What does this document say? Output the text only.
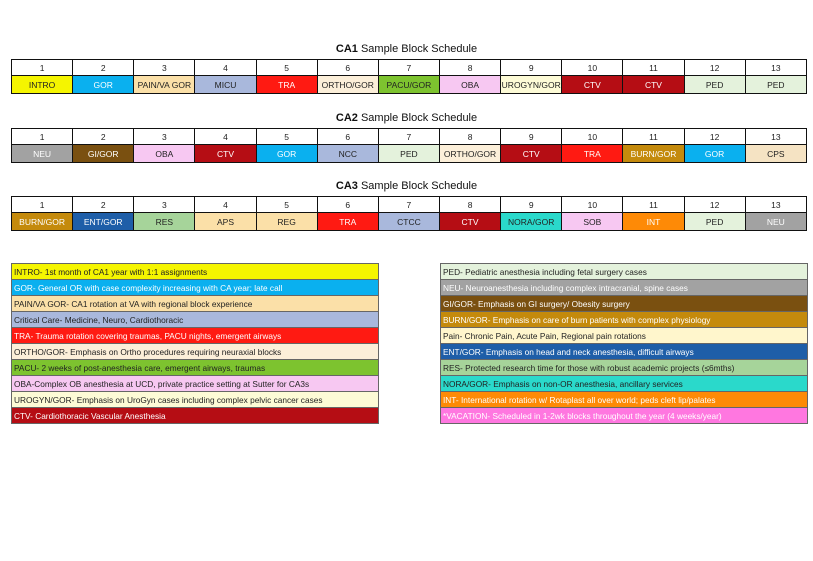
CA1 Sample Block Schedule
1	2	3	4	5	6	7	8	9	10	11	12	13
INTRO	GOR	PAIN/VA GOR	MICU	TRA	ORTHO/GOR	PACU/GOR	OBA	UROGYN/GOR	CTV	CTV	PED	PED
CA2 Sample Block Schedule
1	2	3	4	5	6	7	8	9	10	11	12	13
NEU	GI/GOR	OBA	CTV	GOR	NCC	PED	ORTHO/GOR	CTV	TRA	BURN/GOR	GOR	CPS
CA3 Sample Block Schedule
1	2	3	4	5	6	7	8	9	10	11	12	13
BURN/GOR	ENT/GOR	RES	APS	REG	TRA	CTCC	CTV	NORA/GOR	SOB	INT	PED	NEU
INTRO- 1st month of CA1 year with 1:1 assignments
GOR- General OR with case complexity increasing with CA year; late call
PAIN/VA GOR- CA1 rotation at VA with regional block experience
Critical Care- Medicine, Neuro, Cardiothoracic
TRA- Trauma rotation covering traumas, PACU nights, emergent airways
ORTHO/GOR- Emphasis on Ortho procedures requiring neuraxial blocks
PACU- 2 weeks of post-anesthesia care, emergent airways, traumas
OBA-Complex OB anesthesia at UCD, private practice setting at Sutter for CA3s
UROGYN/GOR- Emphasis on UroGyn cases including complex pelvic cancer cases
CTV- Cardiothoracic Vascular Anesthesia
PED- Pediatric anesthesia including fetal surgery cases
NEU- Neuroanesthesia including complex intracranial, spine cases
GI/GOR- Emphasis on GI surgery/ Obesity surgery
BURN/GOR- Emphasis on care of burn patients with complex physiology
Pain- Chronic Pain, Acute Pain, Regional pain rotations
ENT/GOR- Emphasis on head and neck anesthesia, difficult airways
RES- Protected research time for those with robust academic projects (≤6mths)
NORA/GOR- Emphasis on non-OR anesthesia, ancillary services
INT- International rotation w/ Rotaplast all over world; peds cleft lip/palates
*VACATION- Scheduled in 1-2wk blocks throughout the year (4 weeks/year)
